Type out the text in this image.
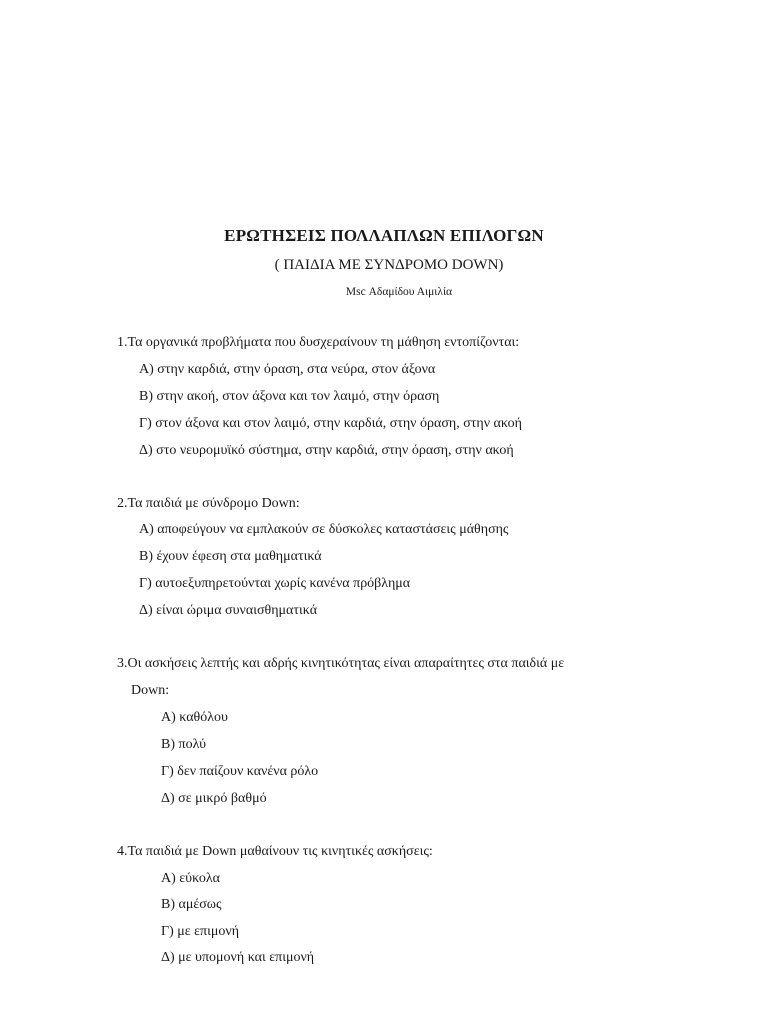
ΕΡΩΤΗΣΕΙΣ ΠΟΛΛΑΠΛΩΝ ΕΠΙΛΟΓΩΝ
( ΠΑΙΔΙΑ ΜΕ ΣΥΝΔΡΟΜΟ DOWN)
Msc Αδαμίδου Αιμιλία
1.Τα οργανικά προβλήματα που δυσχεραίνουν τη μάθηση εντοπίζονται:
Α) στην καρδιά, στην όραση, στα νεύρα, στον άξονα
Β) στην ακοή, στον άξονα και τον λαιμό, στην όραση
Γ) στον άξονα και στον λαιμό, στην καρδιά, στην όραση, στην ακοή
Δ) στο νευρομυϊκό σύστημα, στην καρδιά, στην όραση, στην ακοή
2.Τα παιδιά με σύνδρομο Down:
Α) αποφεύγουν να εμπλακούν σε δύσκολες καταστάσεις μάθησης
Β) έχουν έφεση στα μαθηματικά
Γ) αυτοεξυπηρετούνται χωρίς κανένα πρόβλημα
Δ) είναι ώριμα συναισθηματικά
3.Οι ασκήσεις λεπτής και αδρής κινητικότητας είναι απαραίτητες στα παιδιά με
Down:
Α) καθόλου
Β) πολύ
Γ) δεν παίζουν κανένα ρόλο
Δ) σε μικρό βαθμό
4.Τα παιδιά με Down μαθαίνουν τις κινητικές ασκήσεις:
Α) εύκολα
Β) αμέσως
Γ) με επιμονή
Δ) με υπομονή και επιμονή
